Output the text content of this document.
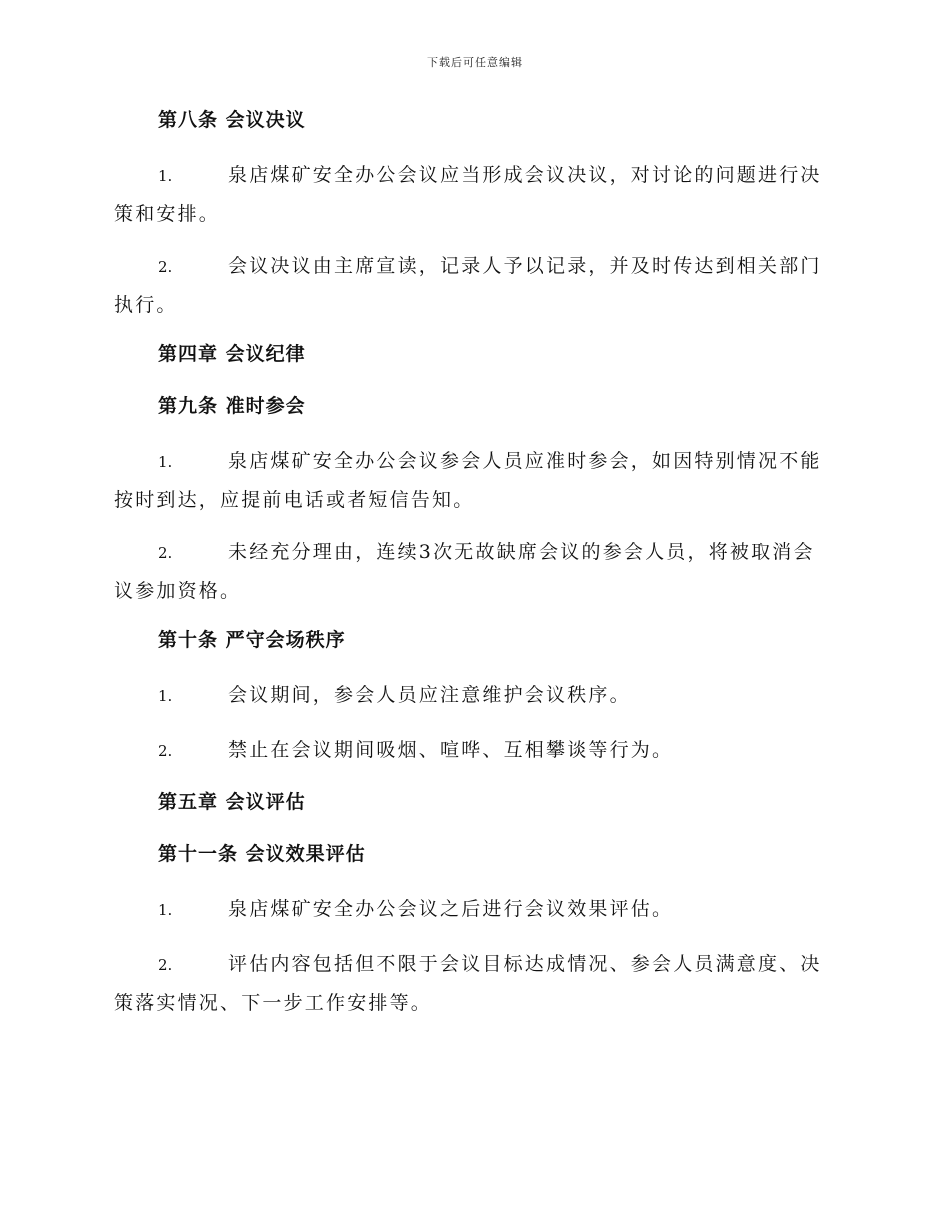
下载后可任意编辑
第八条 会议决议

1.	泉店煤矿安全办公会议应当形成会议决议，对讨论的问题进行决策和安排。

2.	会议决议由主席宣读，记录人予以记录，并及时传达到相关部门执行。

第四章 会议纪律
第九条 准时参会

1.	泉店煤矿安全办公会议参会人员应准时参会，如因特别情况不能按时到达，应提前电话或者短信告知。

2.	未经充分理由，连续3次无故缺席会议的参会人员，将被取消会议参加资格。

第十条 严守会场秩序

1.	会议期间，参会人员应注意维护会议秩序。

2.	禁止在会议期间吸烟、喧哗、互相攀谈等行为。

第五章 会议评估
第十一条 会议效果评估

1.	泉店煤矿安全办公会议之后进行会议效果评估。

2.	评估内容包括但不限于会议目标达成情况、参会人员满意度、决策落实情况、下一步工作安排等。
